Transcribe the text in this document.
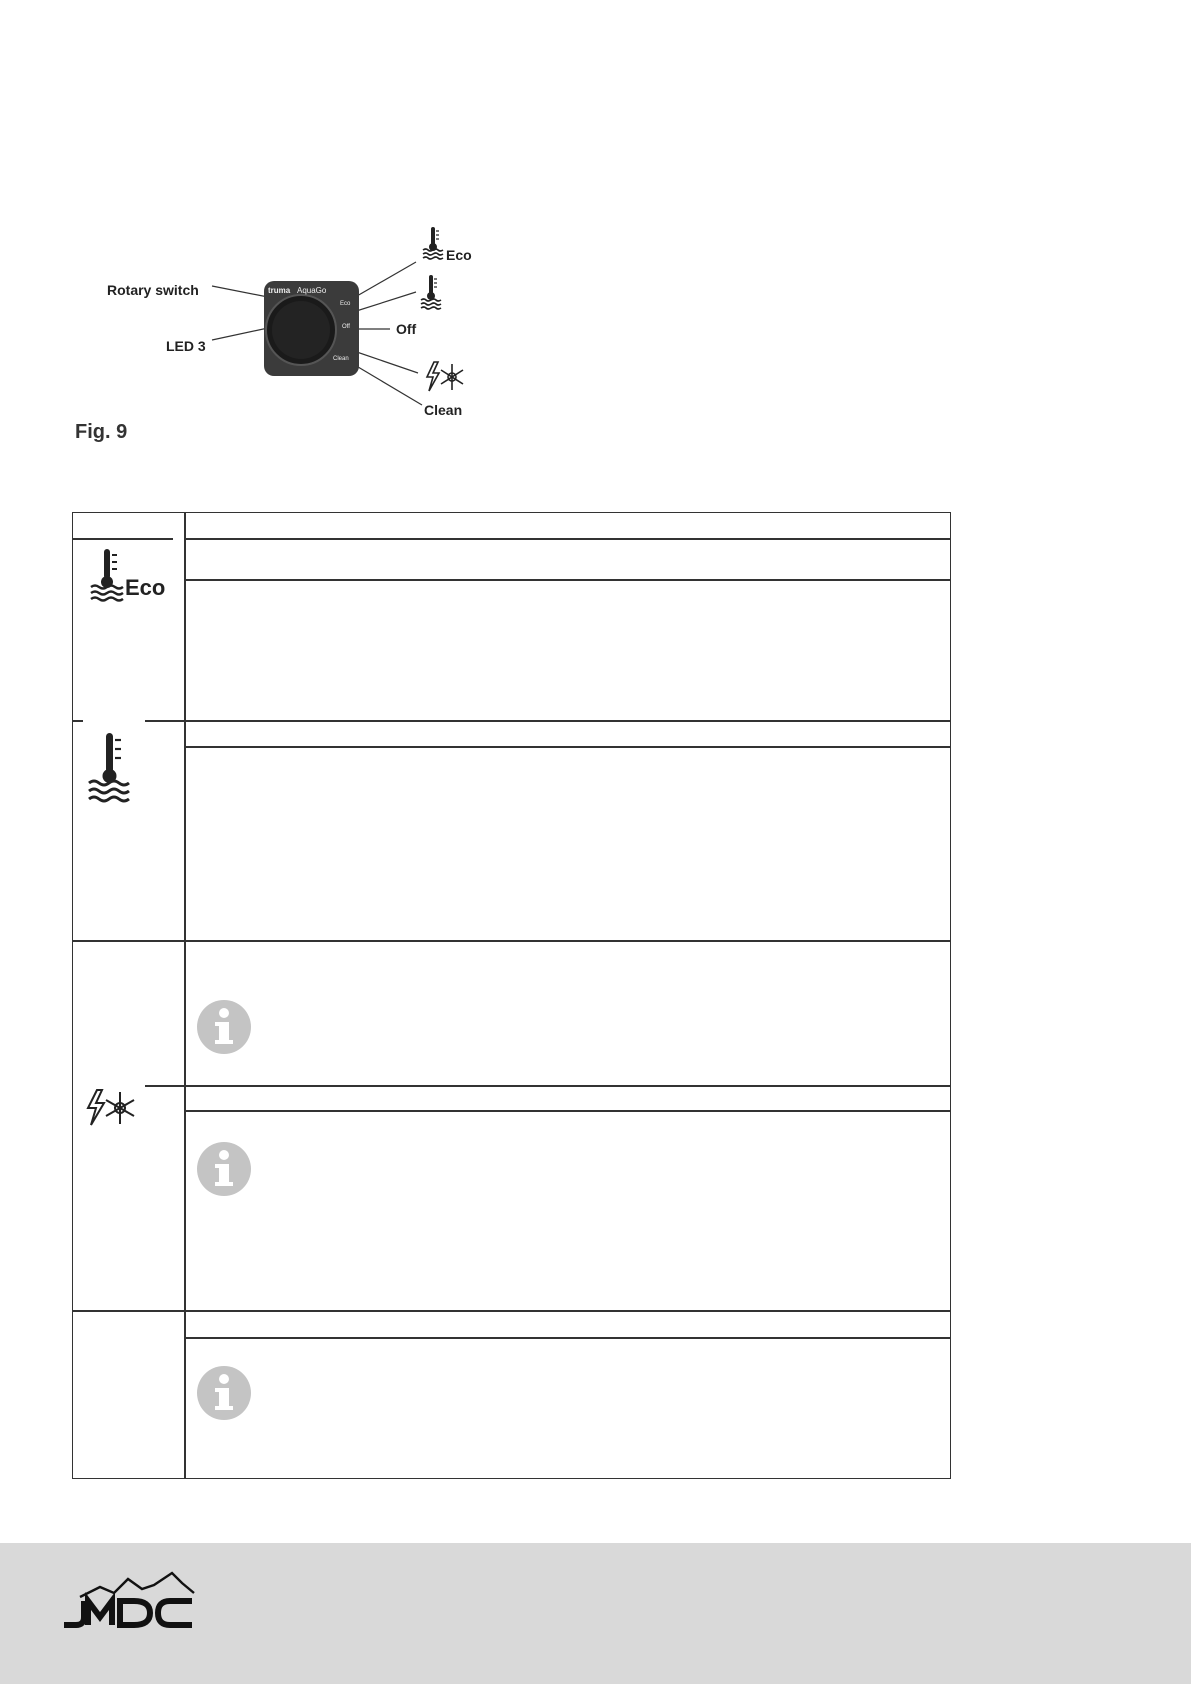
truma AquaGo
Eco
Off
Clean
Rotary switch
LED 3
Off
Clean
Eco
Fig. 9
Eco
